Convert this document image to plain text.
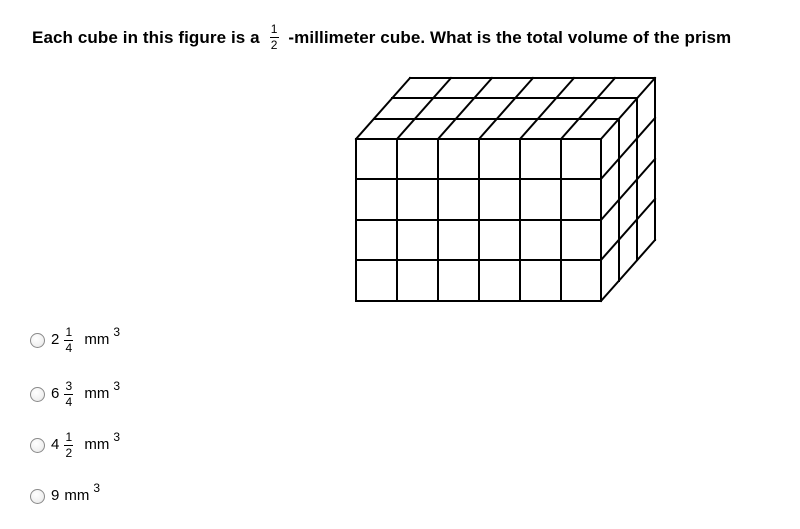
Each cube in this figure is a $\frac{1}{2}$ -millimeter cube. What is the total volume of the prism
$2 \frac{1}{4}$ mm 3
$6 \frac{3}{4}$ mm 3
$4 \frac{1}{2}$ mm 3
9 mm 3
